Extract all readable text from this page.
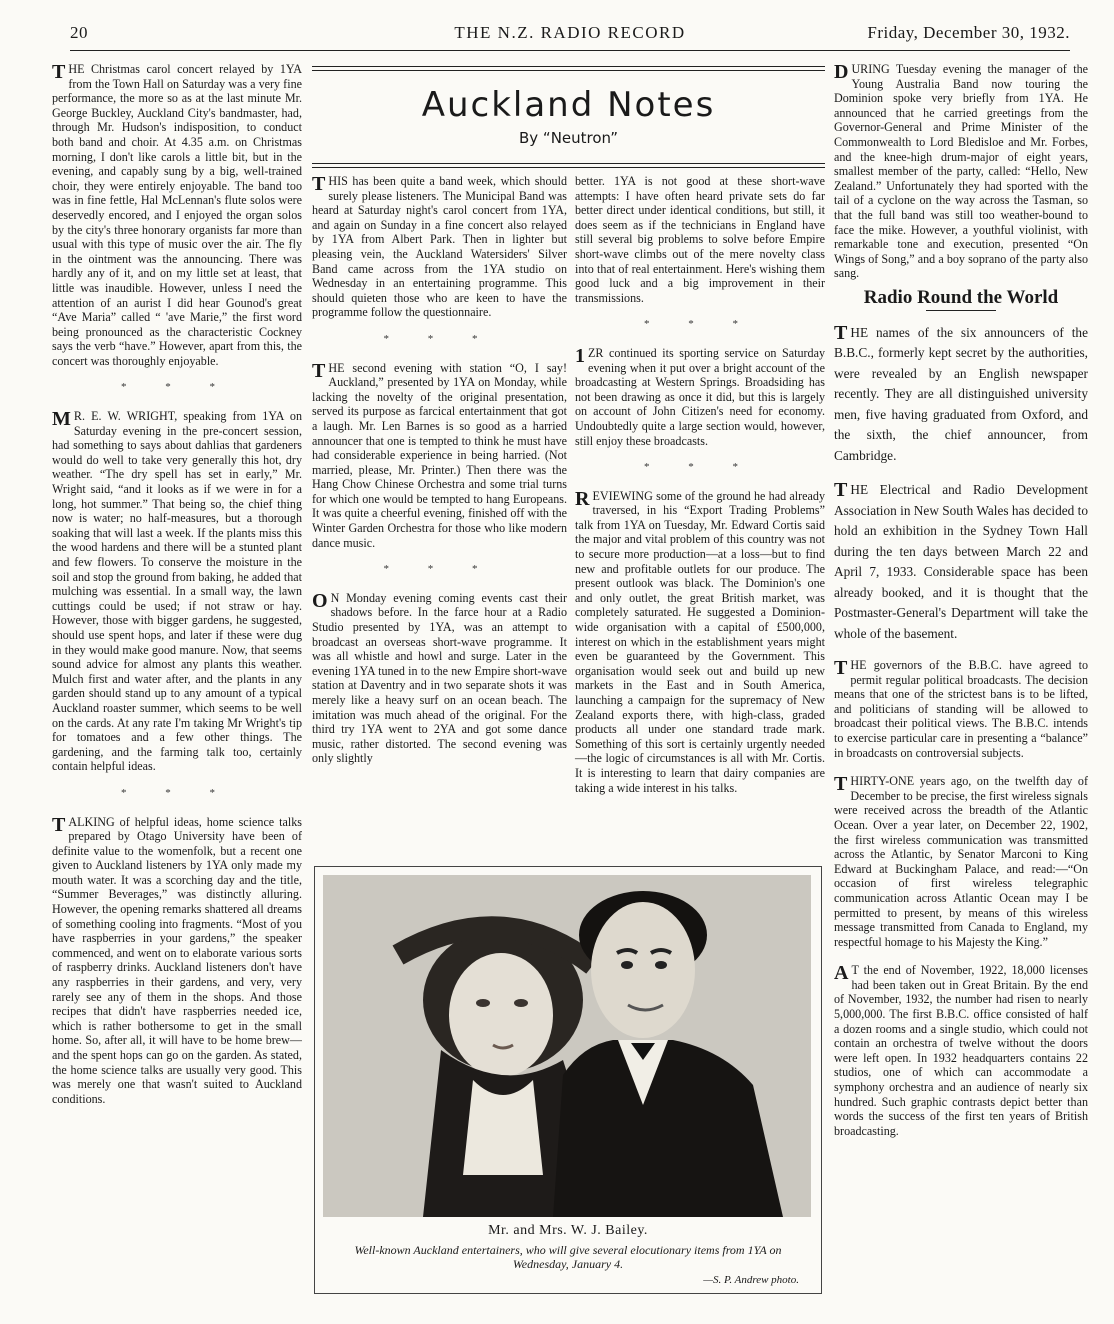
20	THE N.Z. RADIO RECORD	Friday, December 30, 1932.

THE Christmas carol concert relayed by 1YA from the Town Hall on Saturday was a very fine performance, the more so as at the last minute Mr. George Buckley, Auckland City's bandmaster, had, through Mr. Hudson's indisposition, to conduct both band and choir. At 4.35 a.m. on Christmas morning, I don't like carols a little bit, but in the evening, and capably sung by a big, well-trained choir, they were entirely enjoyable. The band too was in fine fettle, Hal McLennan's flute solos were deservedly encored, and I enjoyed the organ solos by the city's three honorary organists far more than usual with this type of music over the air. The fly in the ointment was the announcing. There was hardly any of it, and on my little set at least, that little was inaudible. However, unless I need the attention of an aurist I did hear Gounod's great “Ave Maria” called “ 'ave Marie,” the first word being pronounced as the characteristic Cockney says the verb “have.” However, apart from this, the concert was thoroughly enjoyable.

* * *

M R. E. W. WRIGHT, speaking from 1YA on Saturday evening in the pre-concert session, had something to says about dahlias that gardeners would do well to take very generally this hot, dry weather. “The dry spell has set in early,” Mr. Wright said, “and it looks as if we were in for a long, hot summer.” That being so, the chief thing now is water; no half-measures, but a thorough soaking that will last a week. If the plants miss this the wood hardens and there will be a stunted plant and few flowers. To conserve the moisture in the soil and stop the ground from baking, he added that mulching was essential. In a small way, the lawn cuttings could be used; if not straw or hay. However, those with bigger gardens, he suggested, should use spent hops, and later if these were dug in they would make good manure. Now, that seems sound advice for almost any plants this weather. Mulch first and water after, and the plants in any garden should stand up to any amount of a typical Auckland roaster summer, which seems to be well on the cards. At any rate I'm taking Mr Wright's tip for tomatoes and a few other things. The gardening, and the farming talk too, certainly contain helpful ideas.

* * *

TALKING of helpful ideas, home science talks prepared by Otago University have been of definite value to the womenfolk, but a recent one given to Auckland listeners by 1YA only made my mouth water. It was a scorching day and the title, “Summer Beverages,” was distinctly alluring. However, the opening remarks shattered all dreams of something cooling into fragments. “Most of you have raspberries in your gardens,” the speaker commenced, and went on to elaborate various sorts of raspberry drinks. Auckland listeners don't have any raspberries in their gardens, and very, very rarely see any of them in the shops. And those recipes that didn't have raspberries needed ice, which is rather bothersome to get in the small home. So, after all, it will have to be home brew—and the spent hops can go on the garden. As stated, the home science talks are usually very good. This was merely one that wasn't suited to Auckland conditions.

Auckland Notes
By “Neutron”

THIS has been quite a band week, which should surely please listeners. The Municipal Band was heard at Saturday night's carol concert from 1YA, and again on Sunday in a fine concert also relayed by 1YA from Albert Park. Then in lighter but pleasing vein, the Auckland Watersiders' Silver Band came across from the 1YA studio on Wednesday in an entertaining programme. This should quieten those who are keen to have the programme follow the questionnaire.

* * *

THE second evening with station “O, I say! Auckland,” presented by 1YA on Monday, while lacking the novelty of the original presentation, served its purpose as farcical entertainment that got a laugh. Mr. Len Barnes is so good as a harried announcer that one is tempted to think he must have had considerable experience in being harried. (Not married, please, Mr. Printer.) Then there was the Hang Chow Chinese Orchestra and some trial turns for which one would be tempted to hang Europeans. It was quite a cheerful evening, finished off with the Winter Garden Orchestra for those who like modern dance music.

* * *

O N Monday evening coming events cast their shadows before. In the farce hour at a Radio Studio presented by 1YA, was an attempt to broadcast an overseas short-wave programme. It was all whistle and howl and surge. Later in the evening 1YA tuned in to the new Empire short-wave station at Daventry and in two separate shots it was merely like a heavy surf on an ocean beach. The imitation was much ahead of the original. For the third try 1YA went to 2YA and got some dance music, rather distorted. The second evening was only slightly

better. 1YA is not good at these short-wave attempts: I have often heard private sets do far better direct under identical conditions, but still, it does seem as if the technicians in England have still several big problems to solve before Empire short-wave climbs out of the mere novelty class into that of real entertainment. Here's wishing them good luck and a big improvement in their transmissions.

* * *

1 ZR continued its sporting service on Saturday evening when it put over a bright account of the broadcasting at Western Springs. Broadsiding has not been drawing as once it did, but this is largely on account of John Citizen's need for economy. Undoubtedly quite a large section would, however, still enjoy these broadcasts.

* * *

REVIEWING some of the ground he had already traversed, in his “Export Trading Problems” talk from 1YA on Tuesday, Mr. Edward Cortis said the major and vital problem of this country was not to secure more production—at a loss—but to find new and profitable outlets for our produce. The present outlook was black. The Dominion's one and only outlet, the great British market, was completely saturated. He suggested a Dominion-wide organisation with a capital of £500,000, interest on which in the establishment years might even be guaranteed by the Government. This organisation would seek out and build up new markets in the East and in South America, launching a campaign for the supremacy of New Zealand exports there, with high-class, graded products all under one standard trade mark. Something of this sort is certainly urgently needed—the logic of circumstances is all with Mr. Cortis. It is interesting to learn that dairy companies are taking a wide interest in his talks.

Mr. and Mrs. W. J. Bailey.
Well-known Auckland entertainers, who will give several elocutionary items from 1YA on Wednesday, January 4.
—S. P. Andrew photo.

DURING Tuesday evening the manager of the Young Australia Band now touring the Dominion spoke very briefly from 1YA. He announced that he carried greetings from the Governor-General and Prime Minister of the Commonwealth to Lord Bledisloe and Mr. Forbes, and the knee-high drum-major of eight years, smallest member of the party, called: “Hello, New Zealand.” Unfortunately they had sported with the tail of a cyclone on the way across the Tasman, so that the full band was still too weather-bound to face the mike. However, a youthful violinist, with remarkable tone and execution, presented “On Wings of Song,” and a boy soprano of the party also sang.

Radio Round the World

THE names of the six announcers of the B.B.C., formerly kept secret by the authorities, were revealed by an English newspaper recently. They are all distinguished university men, five having graduated from Oxford, and the sixth, the chief announcer, from Cambridge.

THE Electrical and Radio Development Association in New South Wales has decided to hold an exhibition in the Sydney Town Hall during the ten days between March 22 and April 7, 1933. Considerable space has been already booked, and it is thought that the Postmaster-General's Department will take the whole of the basement.

THE governors of the B.B.C. have agreed to permit regular political broadcasts. The decision means that one of the strictest bans is to be lifted, and politicians of standing will be allowed to broadcast their political views. The B.B.C. intends to exercise particular care in presenting a “balance” in broadcasts on controversial subjects.

THIRTY-ONE years ago, on the twelfth day of December to be precise, the first wireless signals were received across the breadth of the Atlantic Ocean. Over a year later, on December 22, 1902, the first wireless communication was transmitted across the Atlantic, by Senator Marconi to King Edward at Buckingham Palace, and read:—“On occasion of first wireless telegraphic communication across Atlantic Ocean may I be permitted to present, by means of this wireless message transmitted from Canada to England, my respectful homage to his Majesty the King.”

A T the end of November, 1922, 18,000 licenses had been taken out in Great Britain. By the end of November, 1932, the number had risen to nearly 5,000,000. The first B.B.C. office consisted of half a dozen rooms and a single studio, which could not contain an orchestra of twelve without the doors were left open. In 1932 headquarters contains 22 studios, one of which can accommodate a symphony orchestra and an audience of nearly six hundred. Such graphic contrasts depict better than words the success of the first ten years of British broadcasting.
